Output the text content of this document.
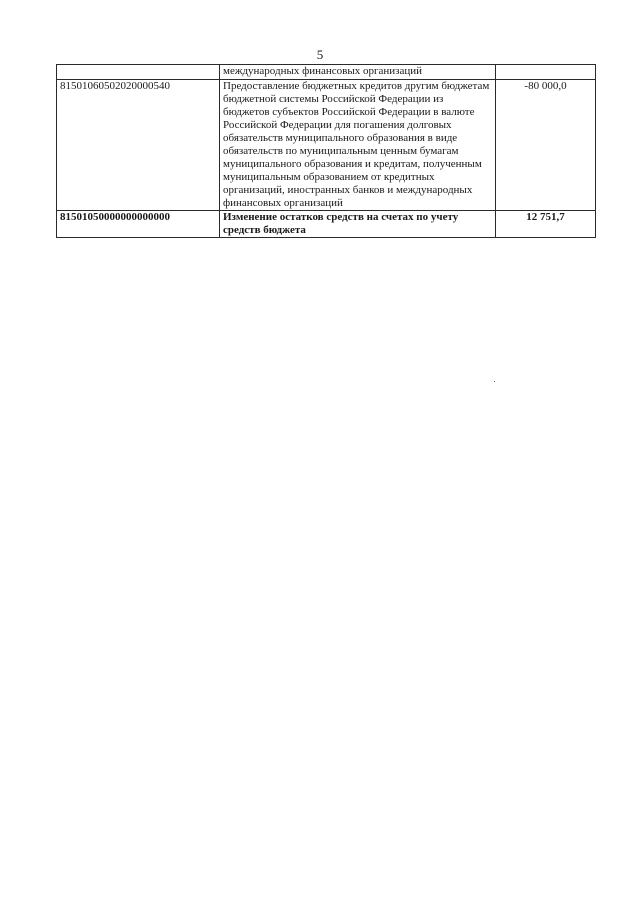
5
	международных финансовых организаций	
81501060502020000540	Предоставление бюджетных кредитов другим бюджетам бюджетной системы Российской Федерации из бюджетов субъектов Российской Федерации в валюте Российской Федерации для погашения долговых обязательств муниципального образования в виде обязательств по муниципальным ценным бумагам муниципального образования и кредитам, полученным муниципальным образованием от кредитных организаций, иностранных банков и международных финансовых организаций	-80 000,0
81501050000000000000	Изменение остатков средств на счетах по учету средств бюджета	12 751,7
